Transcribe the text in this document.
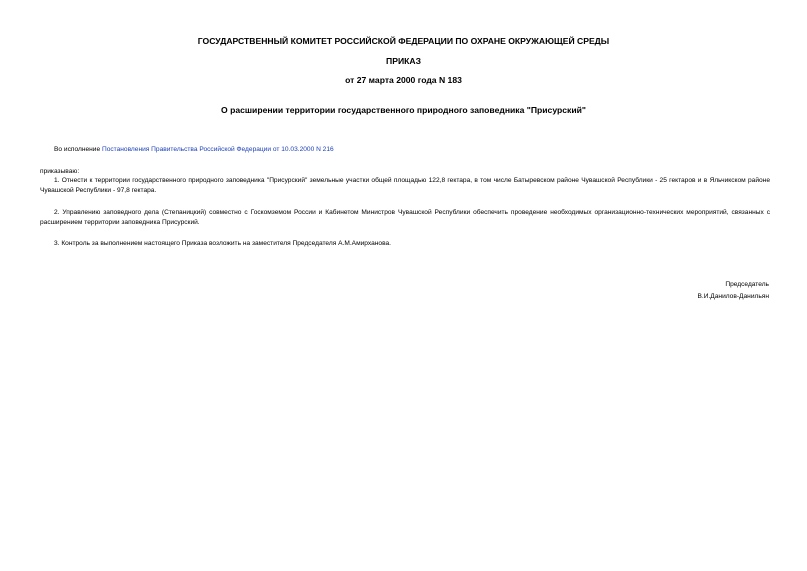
ГОСУДАРСТВЕННЫЙ КОМИТЕТ РОССИЙСКОЙ ФЕДЕРАЦИИ ПО ОХРАНЕ ОКРУЖАЮЩЕЙ СРЕДЫ
ПРИКАЗ
от 27 марта 2000 года N 183
О расширении территории государственного природного заповедника "Присурский"
Во исполнение Постановления Правительства Российской Федерации от 10.03.2000 N 216
приказываю:
1. Отнести к территории государственного природного заповедника "Присурский" земельные участки общей площадью 122,8 гектара, в том числе Батыревском районе Чувашской Республики - 25 гектаров и в Яльчикском районе Чувашской Республики - 97,8 гектара.
2. Управлению заповедного дела (Степаницкий) совместно с Госкомземом России и Кабинетом Министров Чувашской Республики обеспечить проведение необходимых организационно-технических мероприятий, связанных с расширением территории заповедника Присурский.
3. Контроль за выполнением настоящего Приказа возложить на заместителя Председателя А.М.Амирханова.
Председатель
В.И.Данилов-Данильян
